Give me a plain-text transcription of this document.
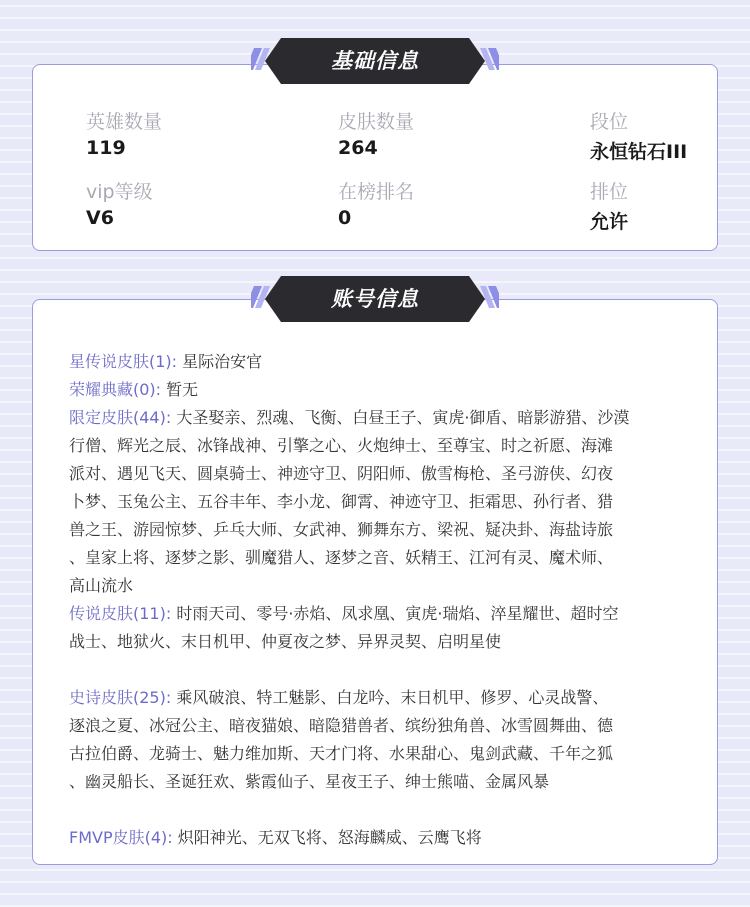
英雄数量
119
皮肤数量
264
段位
永恒钻石III
vip等级
V6
在榜排名
0
排位
允许
基础信息
星传说皮肤(1): 星际治安官
荣耀典藏(0): 暂无
限定皮肤(44): 大圣娶亲、烈魂、飞衡、白昼王子、寅虎·御盾、暗影游猎、沙漠
行僧、辉光之辰、冰锋战神、引擎之心、火炮绅士、至尊宝、时之祈愿、海滩
派对、遇见飞天、圆桌骑士、神迹守卫、阴阳师、傲雪梅枪、圣弓游侠、幻夜
卜梦、玉兔公主、五谷丰年、李小龙、御霄、神迹守卫、拒霜思、孙行者、猎
兽之王、游园惊梦、乒乓大师、女武神、狮舞东方、梁祝、疑决卦、海盐诗旅
、皇家上将、逐梦之影、驯魔猎人、逐梦之音、妖精王、江河有灵、魔术师、
高山流水
传说皮肤(11): 时雨天司、零号·赤焰、凤求凰、寅虎·瑞焰、淬星耀世、超时空
战士、地狱火、末日机甲、仲夏夜之梦、异界灵契、启明星使
史诗皮肤(25): 乘风破浪、特工魅影、白龙吟、末日机甲、修罗、心灵战警、
逐浪之夏、冰冠公主、暗夜猫娘、暗隐猎兽者、缤纷独角兽、冰雪圆舞曲、德
古拉伯爵、龙骑士、魅力维加斯、天才门将、水果甜心、鬼剑武藏、千年之狐
、幽灵船长、圣诞狂欢、紫霞仙子、星夜王子、绅士熊喵、金属风暴
FMVP皮肤(4): 炽阳神光、无双飞将、怒海麟威、云鹰飞将
账号信息
